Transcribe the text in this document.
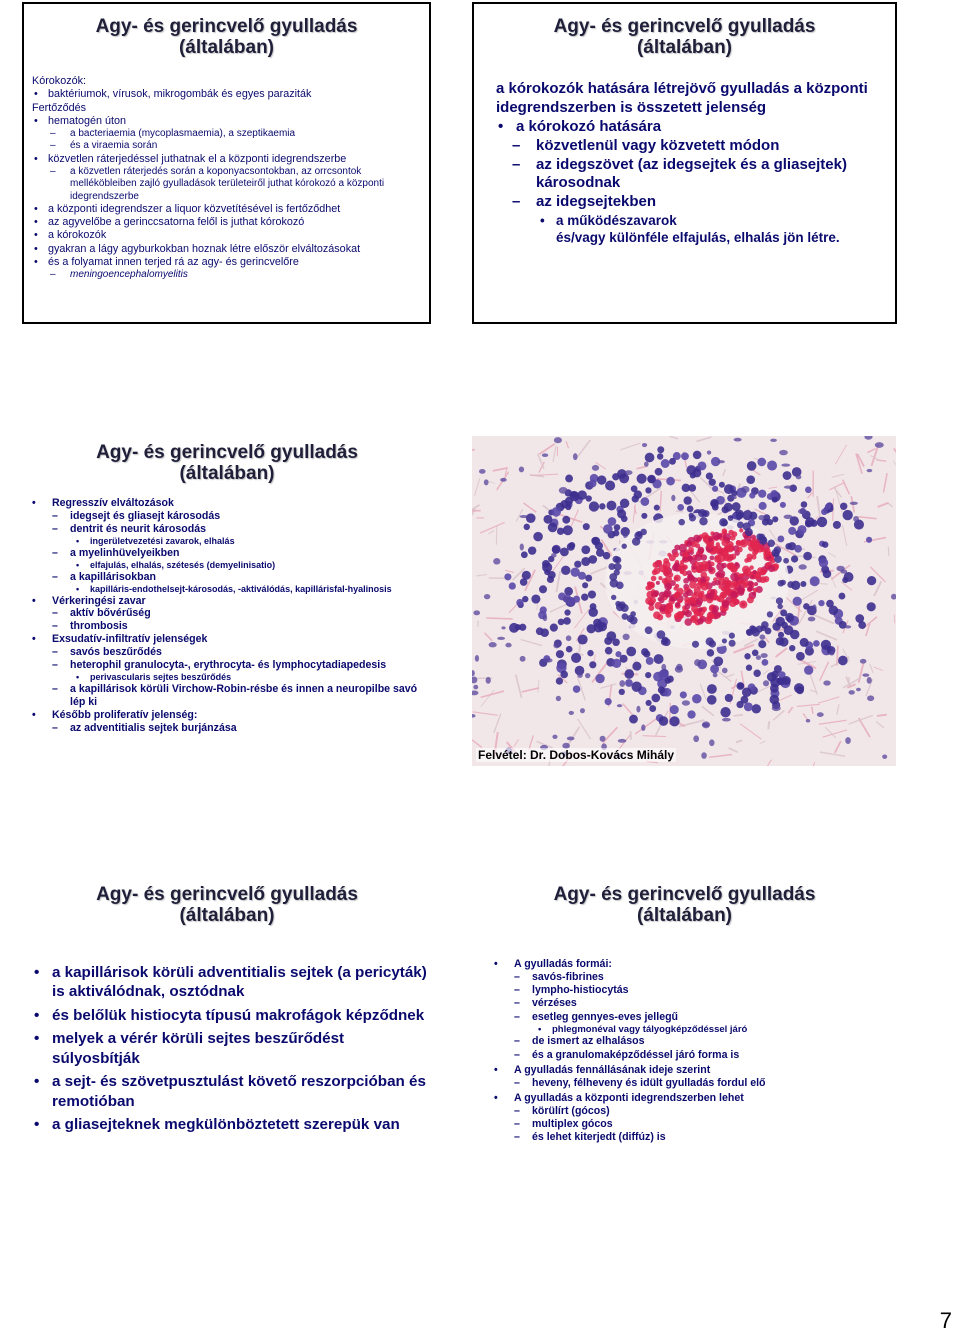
Agy- és gerincvelő gyulladás
(általában)
Kórokozók:
• baktériumok, vírusok, mikrogombák és egyes paraziták
Fertőződés
• hematogén úton
– a bacteriaemia (mycoplasmaemia), a szeptikaemia
– és a viraemia során
• közvetlen ráterjedéssel juthatnak el a központi idegrendszerbe
– a közvetlen ráterjedés során a koponyacsontokban, az orrcsontok melléköbleiben zajló gyulladások területeiről juthat kórokozó a központi idegrendszerbe
• a központi idegrendszer a liquor közvetítésével is fertőződhet
• az agyvelőbe a gerinccsatorna felől is juthat kórokozó
• a kórokozók
• gyakran a lágy agyburkokban hoznak létre először elváltozásokat
• és a folyamat innen terjed rá az agy- és gerincvelőre
– meningoencephalomyelitis
Agy- és gerincvelő gyulladás
(általában)
a kórokozók hatására létrejövő gyulladás a központi idegrendszerben is összetett jelenség
• a kórokozó hatására
– közvetlenül vagy közvetett módon
– az idegszövet (az idegsejtek és a gliasejtek) károsodnak
– az idegsejtekben
• a működészavarok
és/vagy különféle elfajulás, elhalás jön létre.
Agy- és gerincvelő gyulladás
(általában)
• Regresszív elváltozások
– idegsejt és gliasejt károsodás
– dentrit és neurit károsodás
• ingerületvezetési zavarok, elhalás
– a myelinhüvelyeikben
• elfajulás, elhalás, szétesés (demyelinisatio)
– a kapillárisokban
• kapilláris-endothelsejt-károsodás, -aktiválódás, kapillárisfal-hyalinosis
• Vérkeringési zavar
– aktív bővérűség
– thrombosis
• Exsudatív-infiltratív jelenségek
– savós beszűrődés
– heterophil granulocyta-, erythrocyta- és lymphocytadiapedesis
• perivascularis sejtes beszűrődés
– a kapillárisok körüli Virchow-Robin-résbe és innen a neuropilbe savó lép ki
• Később proliferatív jelenség:
– az adventitialis sejtek burjánzása
Felvétel: Dr. Dobos-Kovács Mihály
Agy- és gerincvelő gyulladás
(általában)
• a kapillárisok körüli adventitialis sejtek (a pericyták) is aktiválódnak, osztódnak
• és belőlük histiocyta típusú makrofágok képződnek
• melyek a vérér körüli sejtes beszűrődést súlyosbítják
• a sejt- és szövetpusztulást követő reszorpcióban és remotióban
• a gliasejteknek megkülönböztetett szerepük van
Agy- és gerincvelő gyulladás
(általában)
• A gyulladás formái:
– savós-fibrines
– lympho-histiocytás
– vérzéses
– esetleg gennyes-eves jellegű
• phlegmonéval vagy tályogképződéssel járó
– de ismert az elhalásos
– és a granulomaképződéssel járó forma is
• A gyulladás fennállásának ideje szerint
– heveny, félheveny és idült gyulladás fordul elő
• A gyulladás a központi idegrendszerben lehet
– körülírt (gócos)
– multiplex gócos
– és lehet kiterjedt (diffúz) is
7
